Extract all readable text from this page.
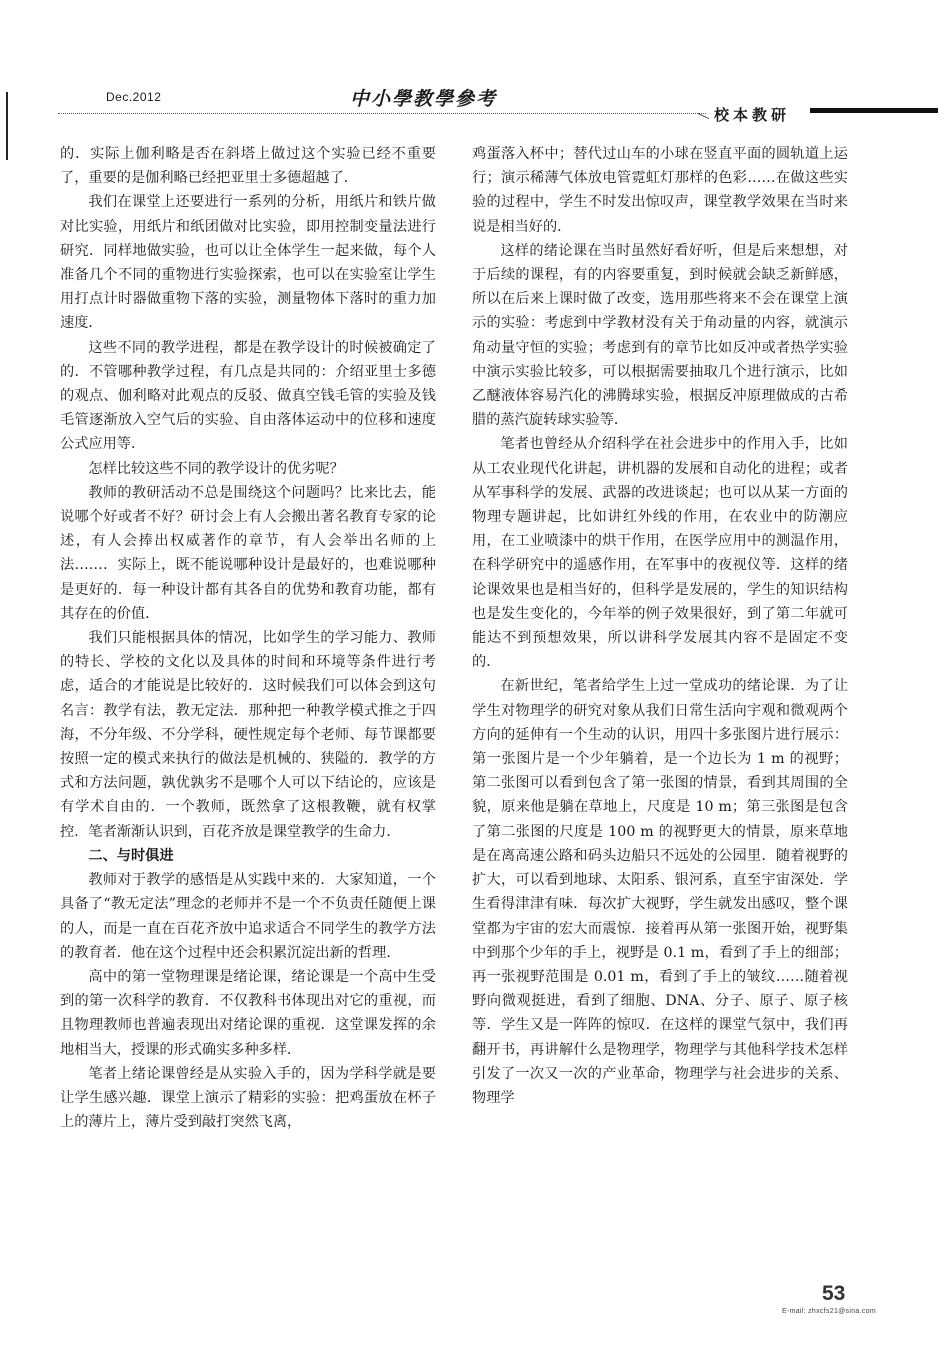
Dec.2012	中小學教學參考
校本教研

的．实际上伽利略是否在斜塔上做过这个实验已经不重要了，重要的是伽利略已经把亚里士多德超越了．

我们在课堂上还要进行一系列的分析，用纸片和铁片做对比实验，用纸片和纸团做对比实验，即用控制变量法进行研究．同样地做实验，也可以让全体学生一起来做，每个人准备几个不同的重物进行实验探索，也可以在实验室让学生用打点计时器做重物下落的实验，测量物体下落时的重力加速度．

这些不同的教学进程，都是在教学设计的时候被确定了的．不管哪种教学过程，有几点是共同的：介绍亚里士多德的观点、伽利略对此观点的反驳、做真空钱毛管的实验及钱毛管逐渐放入空气后的实验、自由落体运动中的位移和速度公式应用等．

怎样比较这些不同的教学设计的优劣呢？

教师的教研活动不总是围绕这个问题吗？比来比去，能说哪个好或者不好？研讨会上有人会搬出著名教育专家的论述，有人会捧出权威著作的章节，有人会举出名师的上法……．实际上，既不能说哪种设计是最好的，也难说哪种是更好的．每一种设计都有其各自的优势和教育功能，都有其存在的价值．

我们只能根据具体的情况，比如学生的学习能力、教师的特长、学校的文化以及具体的时间和环境等条件进行考虑，适合的才能说是比较好的．这时候我们可以体会到这句名言：教学有法，教无定法．那种把一种教学模式推之于四海，不分年级、不分学科，硬性规定每个老师、每节课都要按照一定的模式来执行的做法是机械的、狭隘的．教学的方式和方法问题，孰优孰劣不是哪个人可以下结论的，应该是有学术自由的．一个教师，既然拿了这根教鞭，就有权掌控．笔者渐渐认识到，百花齐放是课堂教学的生命力．

二、与时俱进

教师对于教学的感悟是从实践中来的．大家知道，一个具备了“教无定法”理念的老师并不是一个不负责任随便上课的人，而是一直在百花齐放中追求适合不同学生的教学方法的教育者．他在这个过程中还会积累沉淀出新的哲理．

高中的第一堂物理课是绪论课，绪论课是一个高中生受到的第一次科学的教育．不仅教科书体现出对它的重视，而且物理教师也普遍表现出对绪论课的重视．这堂课发挥的余地相当大，授课的形式确实多种多样．

笔者上绪论课曾经是从实验入手的，因为学科学就是要让学生感兴趣．课堂上演示了精彩的实验：把鸡蛋放在杯子上的薄片上，薄片受到敲打突然飞离，

鸡蛋落入杯中；替代过山车的小球在竖直平面的圆轨道上运行；演示稀薄气体放电管霓虹灯那样的色彩……在做这些实验的过程中，学生不时发出惊叹声，课堂教学效果在当时来说是相当好的．

这样的绪论课在当时虽然好看好听，但是后来想想，对于后续的课程，有的内容要重复，到时候就会缺乏新鲜感，所以在后来上课时做了改变，选用那些将来不会在课堂上演示的实验：考虑到中学教材没有关于角动量的内容，就演示角动量守恒的实验；考虑到有的章节比如反冲或者热学实验中演示实验比较多，可以根据需要抽取几个进行演示，比如乙醚液体容易汽化的沸腾球实验，根据反冲原理做成的古希腊的蒸汽旋转球实验等．

笔者也曾经从介绍科学在社会进步中的作用入手，比如从工农业现代化讲起，讲机器的发展和自动化的进程；或者从军事科学的发展、武器的改进谈起；也可以从某一方面的物理专题讲起，比如讲红外线的作用，在农业中的防潮应用，在工业喷漆中的烘干作用，在医学应用中的测温作用，在科学研究中的遥感作用，在军事中的夜视仪等．这样的绪论课效果也是相当好的，但科学是发展的，学生的知识结构也是发生变化的，今年举的例子效果很好，到了第二年就可能达不到预想效果，所以讲科学发展其内容不是固定不变的．

在新世纪，笔者给学生上过一堂成功的绪论课．为了让学生对物理学的研究对象从我们日常生活向宇观和微观两个方向的延伸有一个生动的认识，用四十多张图片进行展示：第一张图片是一个少年躺着，是一个边长为 1 m 的视野；第二张图可以看到包含了第一张图的情景，看到其周围的全貌，原来他是躺在草地上，尺度是 10 m；第三张图是包含了第二张图的尺度是 100 m 的视野更大的情景，原来草地是在离高速公路和码头边船只不远处的公园里．随着视野的扩大，可以看到地球、太阳系、银河系，直至宇宙深处．学生看得津津有味．每次扩大视野，学生就发出感叹，整个课堂都为宇宙的宏大而震惊．接着再从第一张图开始，视野集中到那个少年的手上，视野是 0.1 m，看到了手上的细部；再一张视野范围是 0.01 m，看到了手上的皱纹……随着视野向微观挺进，看到了细胞、DNA、分子、原子、原子核等．学生又是一阵阵的惊叹．在这样的课堂气氛中，我们再翻开书，再讲解什么是物理学，物理学与其他科学技术怎样引发了一次又一次的产业革命，物理学与社会进步的关系、物理学

53
E-mail: zhxcfs21@sina.com
